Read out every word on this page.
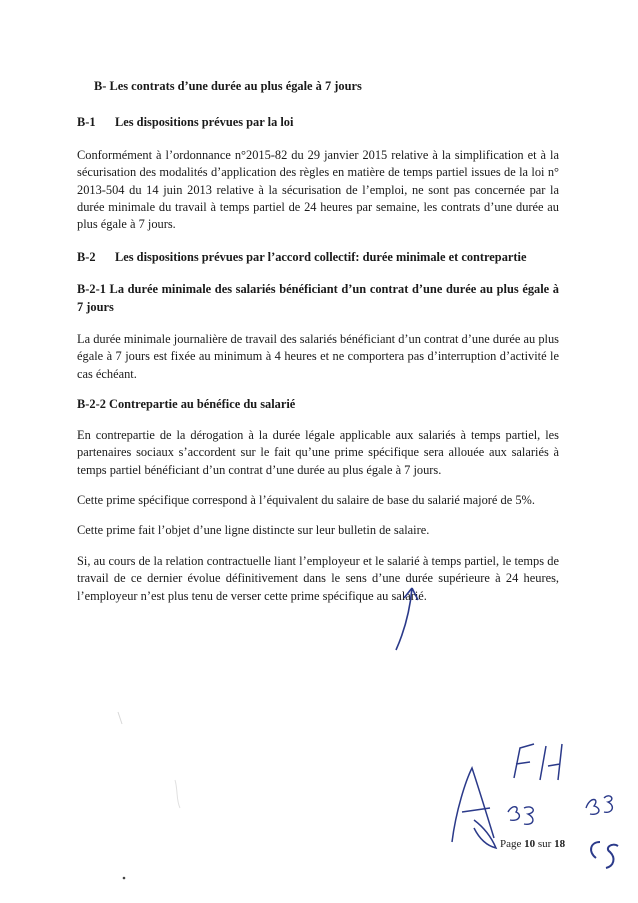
B- Les contrats d’une durée au plus égale à 7 jours
B-1	Les dispositions prévues par la loi

Conformément à l’ordonnance n°2015-82 du 29 janvier 2015 relative à la simplification et à la sécurisation des modalités d’application des règles en matière de temps partiel issues de la loi n° 2013-504 du 14 juin 2013 relative à la sécurisation de l’emploi, ne sont pas concernée par la durée minimale du travail à temps partiel de 24 heures par semaine, les contrats d’une durée au plus égale à 7 jours.

B-2	Les dispositions prévues par l’accord collectif: durée minimale et contrepartie

B-2-1 La durée minimale des salariés bénéficiant d’un contrat d’une durée au plus égale à 7 jours

La durée minimale journalière de travail des salariés bénéficiant d’un contrat d’une durée au plus égale à 7 jours est fixée au minimum à 4 heures et ne comportera pas d’interruption d’activité le cas échéant.

B-2-2 Contrepartie au bénéfice du salarié

En contrepartie de la dérogation à la durée légale applicable aux salariés à temps partiel, les partenaires sociaux s’accordent sur le fait qu’une prime spécifique sera allouée aux salariés à temps partiel bénéficiant d’un contrat d’une durée au plus égale à 7 jours.

Cette prime spécifique correspond à l’équivalent du salaire de base du salarié majoré de 5%.

Cette prime fait l’objet d’une ligne distincte sur leur bulletin de salaire.

Si, au cours de la relation contractuelle liant l’employeur et le salarié à temps partiel, le temps de travail de ce dernier évolue définitivement dans le sens d’une durée supérieure à 24 heures, l’employeur n’est plus tenu de verser cette prime spécifique au salarié.

Page 10 sur 18
